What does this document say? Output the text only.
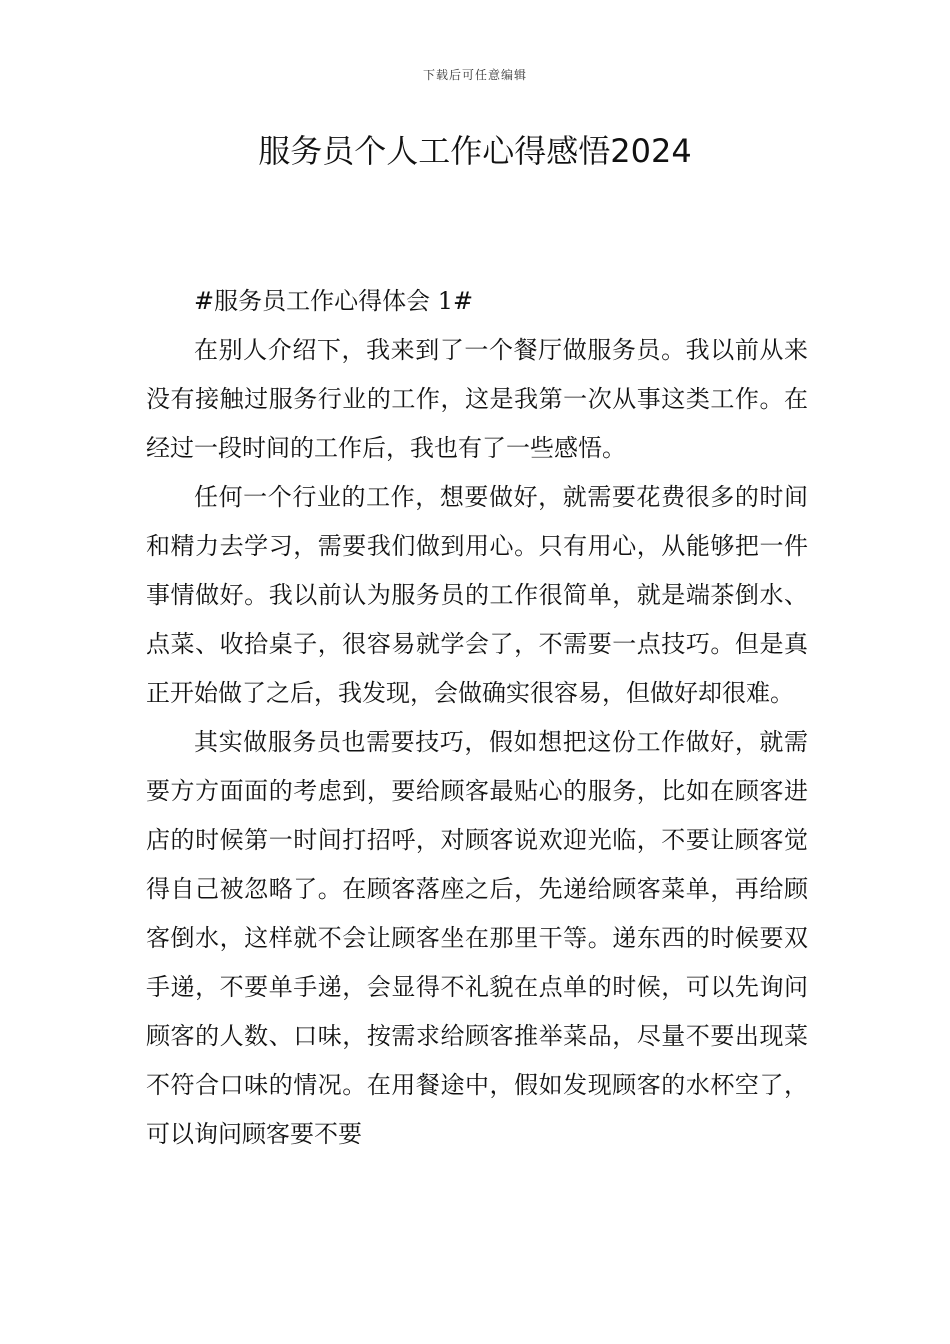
下载后可任意编辑
服务员个人工作心得感悟2024

#服务员工作心得体会 1#

在别人介绍下，我来到了一个餐厅做服务员。我以前从来没有接触过服务行业的工作，这是我第一次从事这类工作。在经过一段时间的工作后，我也有了一些感悟。

任何一个行业的工作，想要做好，就需要花费很多的时间和精力去学习，需要我们做到用心。只有用心，从能够把一件事情做好。我以前认为服务员的工作很简单，就是端茶倒水、点菜、收拾桌子，很容易就学会了，不需要一点技巧。但是真正开始做了之后，我发现，会做确实很容易，但做好却很难。

其实做服务员也需要技巧，假如想把这份工作做好，就需要方方面面的考虑到，要给顾客最贴心的服务，比如在顾客进店的时候第一时间打招呼，对顾客说欢迎光临，不要让顾客觉得自己被忽略了。在顾客落座之后，先递给顾客菜单，再给顾客倒水，这样就不会让顾客坐在那里干等。递东西的时候要双手递，不要单手递，会显得不礼貌在点单的时候，可以先询问顾客的人数、口味，按需求给顾客推举菜品，尽量不要出现菜不符合口味的情况。在用餐途中，假如发现顾客的水杯空了，可以询问顾客要不要
